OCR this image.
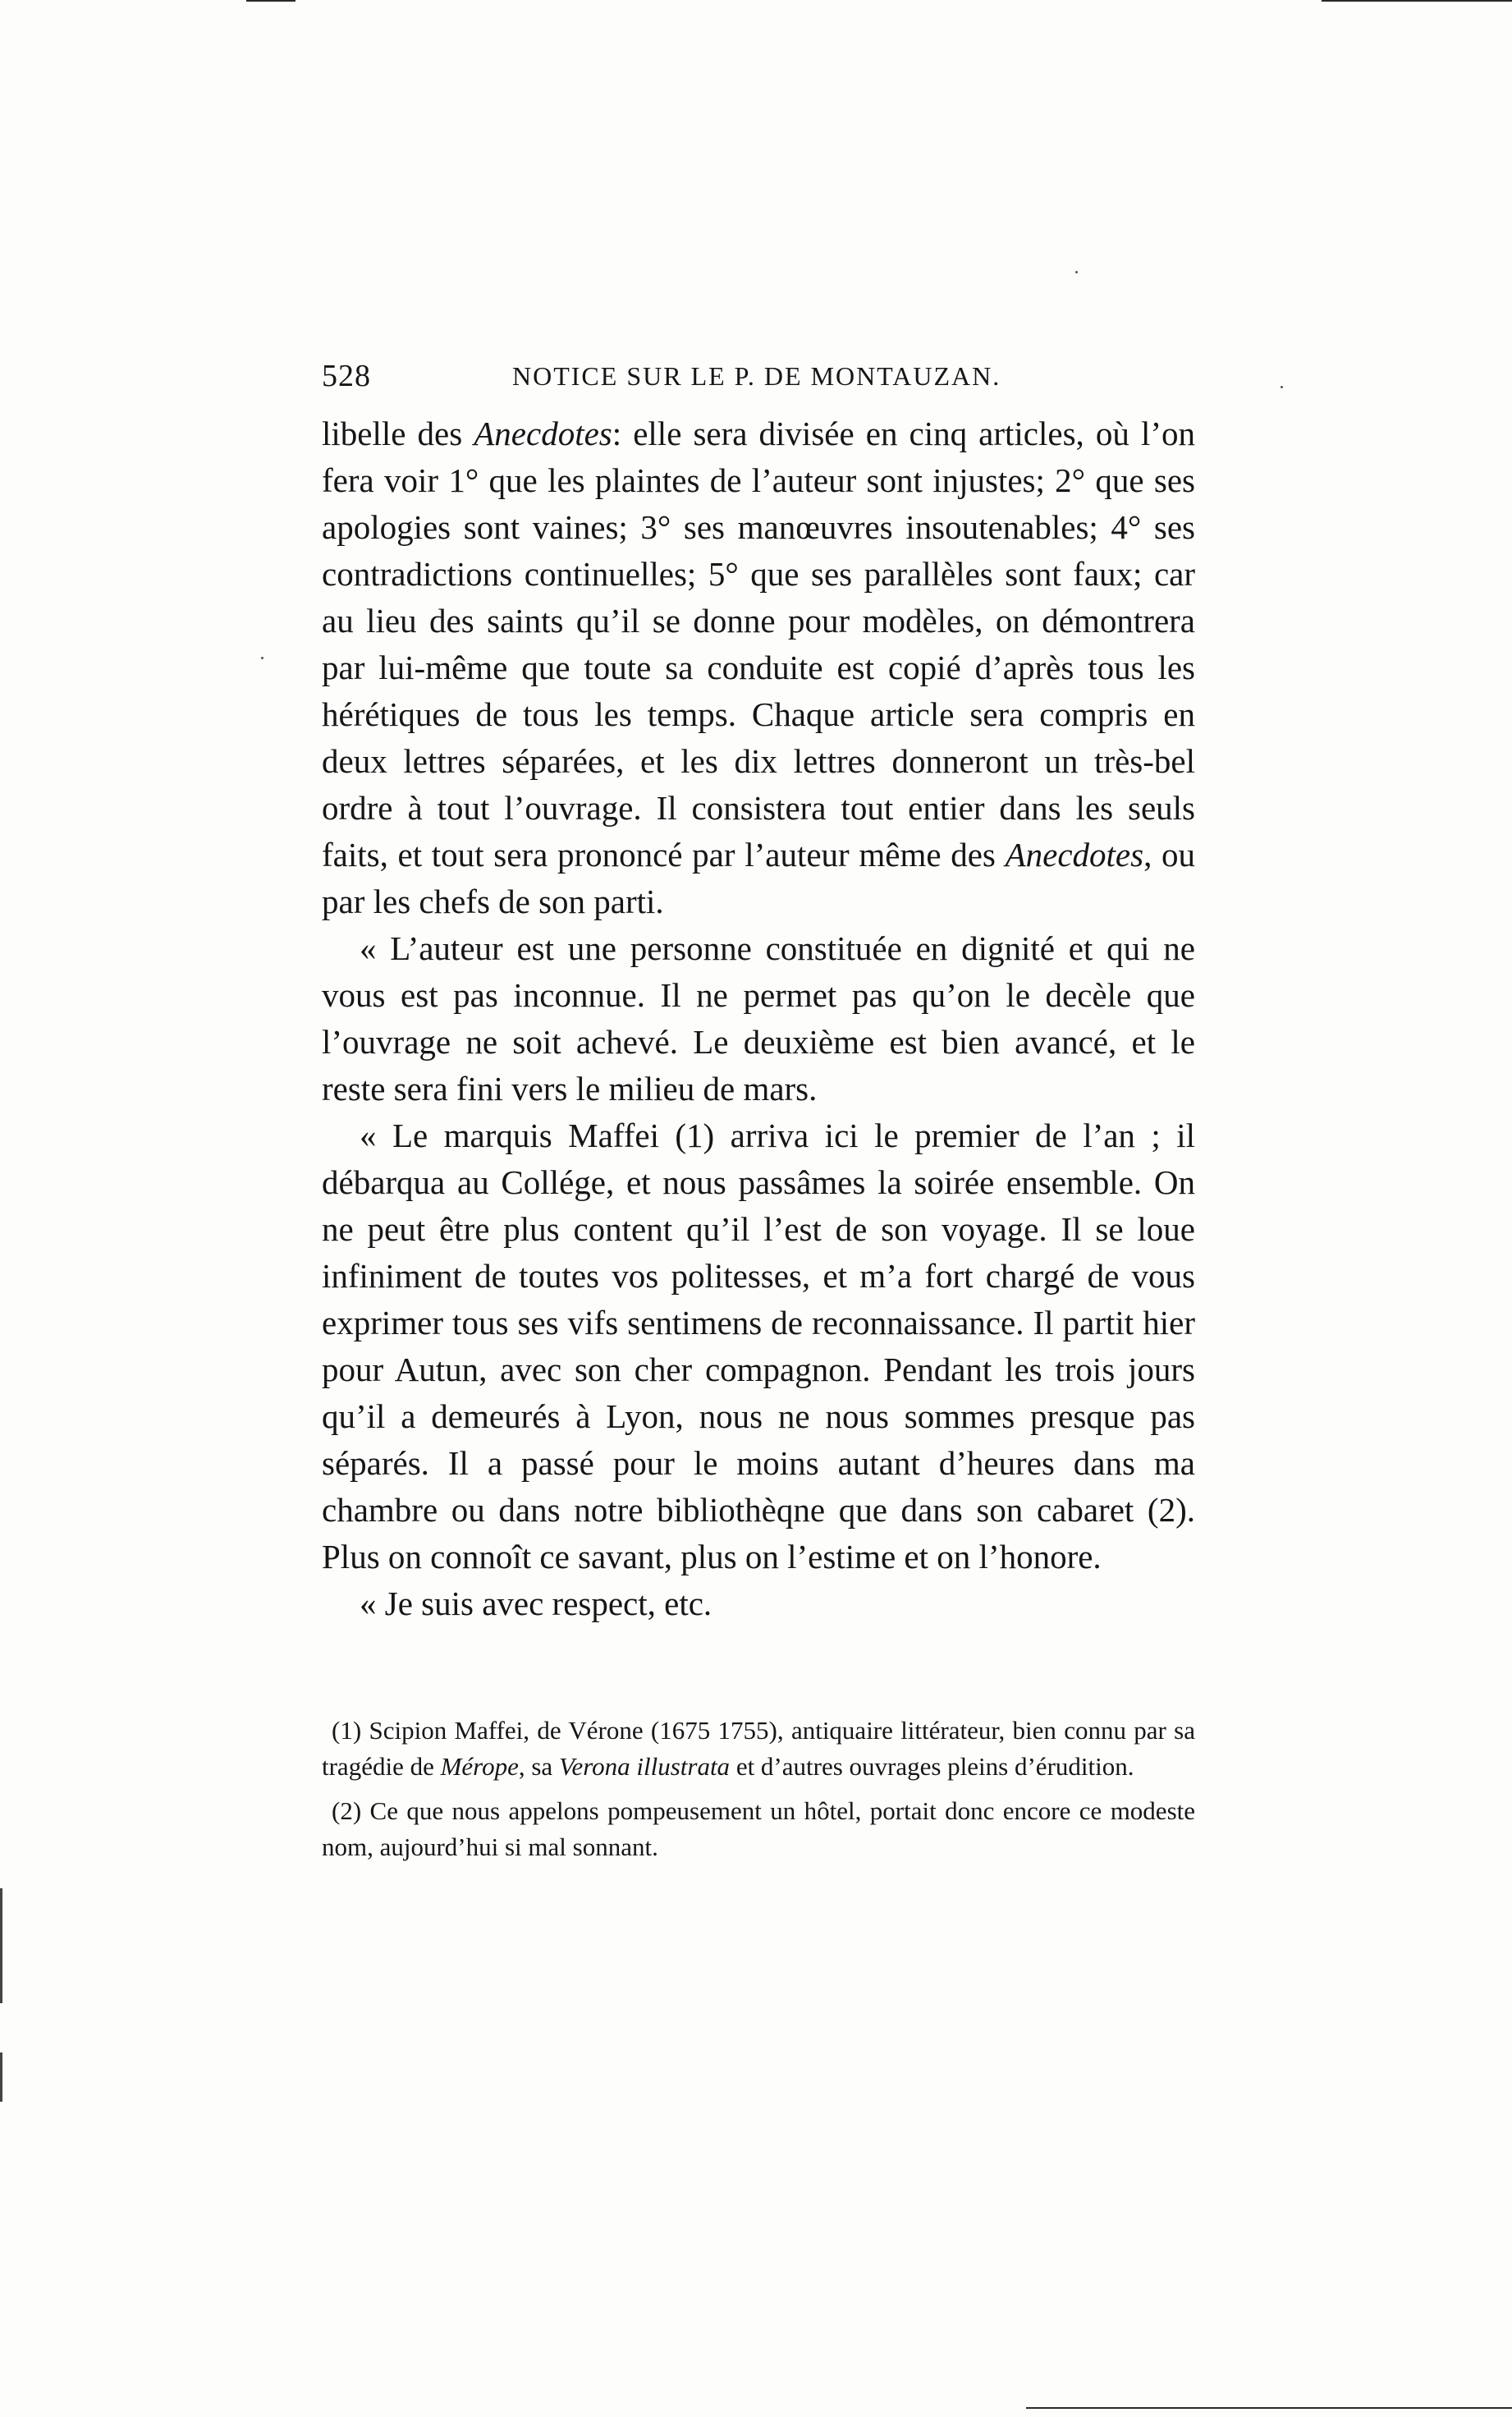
528	NOTICE SUR LE P. DE MONTAUZAN.

libelle des Anecdotes: elle sera divisée en cinq articles, où l’on fera voir 1° que les plaintes de l’auteur sont injustes; 2° que ses apologies sont vaines; 3° ses manœuvres insoutenables; 4° ses contradictions continuelles; 5° que ses parallèles sont faux; car au lieu des saints qu’il se donne pour modèles, on démontrera par lui-même que toute sa conduite est copié d’après tous les hérétiques de tous les temps. Chaque article sera compris en deux lettres séparées, et les dix lettres donneront un très-bel ordre à tout l’ouvrage. Il consistera tout entier dans les seuls faits, et tout sera prononcé par l’auteur même des Anecdotes, ou par les chefs de son parti.

« L’auteur est une personne constituée en dignité et qui ne vous est pas inconnue. Il ne permet pas qu’on le decèle que l’ouvrage ne soit achevé. Le deuxième est bien avancé, et le reste sera fini vers le milieu de mars.

« Le marquis Maffei (1) arriva ici le premier de l’an ; il débarqua au Collége, et nous passâmes la soirée ensemble. On ne peut être plus content qu’il l’est de son voyage. Il se loue infiniment de toutes vos politesses, et m’a fort chargé de vous exprimer tous ses vifs sentimens de reconnaissance. Il partit hier pour Autun, avec son cher compagnon. Pendant les trois jours qu’il a demeurés à Lyon, nous ne nous sommes presque pas séparés. Il a passé pour le moins autant d’heures dans ma chambre ou dans notre bibliothèqne que dans son cabaret (2). Plus on connoît ce savant, plus on l’estime et on l’honore.

« Je suis avec respect, etc.

(1) Scipion Maffei, de Vérone (1675 1755), antiquaire littérateur, bien connu par sa tragédie de Mérope, sa Verona illustrata et d’autres ouvrages pleins d’érudition.

(2) Ce que nous appelons pompeusement un hôtel, portait donc encore ce modeste nom, aujourd’hui si mal sonnant.
